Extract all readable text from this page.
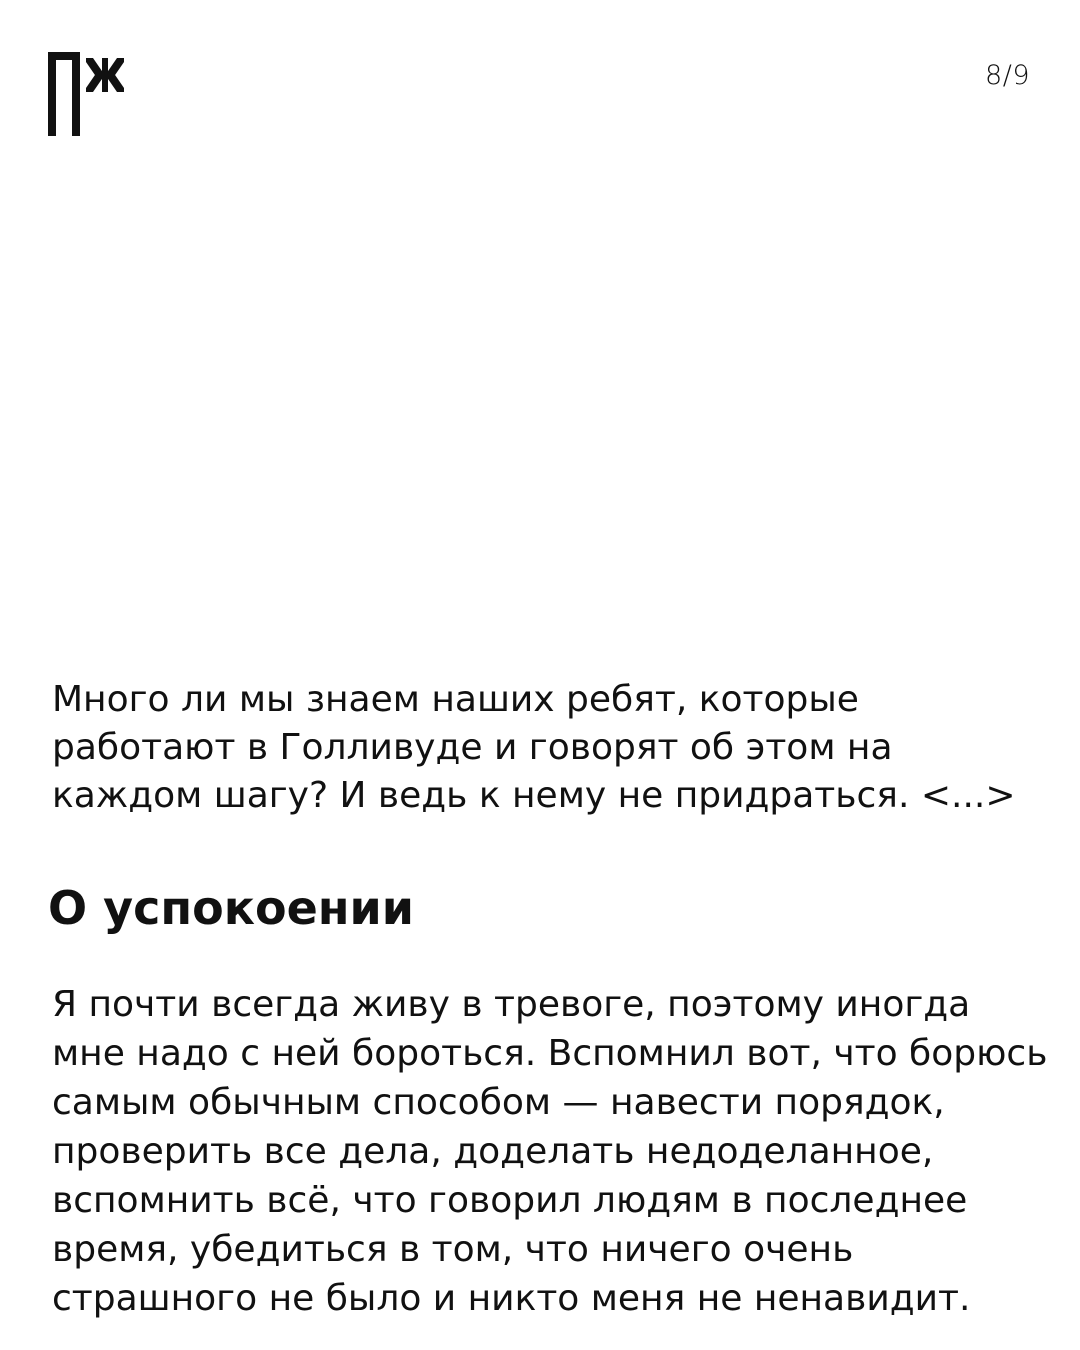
8/9

Много ли мы знаем наших ребят, которые работают в Голливуде и говорят об этом на каждом шагу? И ведь к нему не придраться. <...>

О успокоении

Я почти всегда живу в тревоге, поэтому иногда мне надо с ней бороться. Вспомнил вот, что борюсь самым обычным способом — навести порядок, проверить все дела, доделать недоделанное, вспомнить всё, что говорил людям в последнее время, убедиться в том, что ничего очень страшного не было и никто меня не ненавидит.
